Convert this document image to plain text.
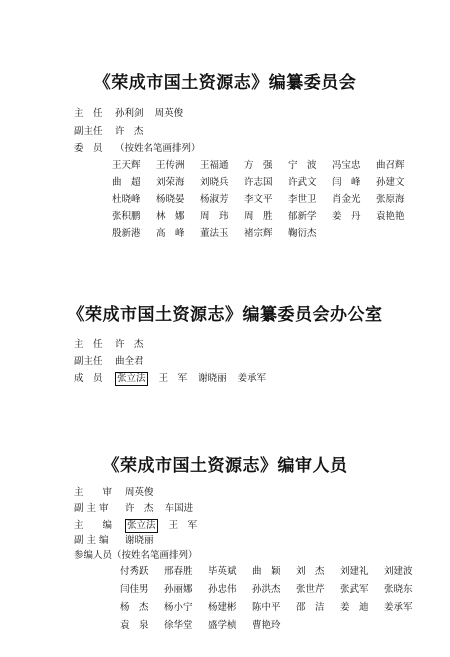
《荣成市国土资源志》编纂委员会
主　任 孙利剑 周英俊
副主任 许　杰
委　员 （按姓名笔画排列）
王天辉	王传洲	王福通	方　强	宁　波	冯宝忠	曲召辉
曲　超	刘荣海	刘晓兵	许志国	许武文	闫　峰	孙建文
杜晓峰	杨晓晏	杨淑芳	李文平	李世卫	肖金光	张原海
张积鹏	林　娜	周　玮	周　胜	郁新学	姜　丹	袁艳艳
殷新港	高　峰	董法玉	褚宗辉	鞠衍杰
《荣成市国土资源志》编纂委员会办公室
主　任 许　杰
副主任 曲全君
成　员 张立法 王　军 谢晓丽 姜承军
《荣成市国土资源志》编审人员
主　　审 周英俊
副 主 审 许　杰 车国进
主　　编 张立法 王　军
副 主 编 谢晓丽
参编人员（按姓名笔画排列）
付秀跃	邢春胜	毕英斌	曲　颖	刘　杰	刘建礼	刘建波
闫佳男	孙丽娜	孙忠伟	孙洪杰	张世芹	张武军	张晓东
杨　杰	杨小宁	杨建彬	陈中平	邵　洁	姜　迪	姜承军
袁　泉	徐华堂	盛学桢	曹艳玲
